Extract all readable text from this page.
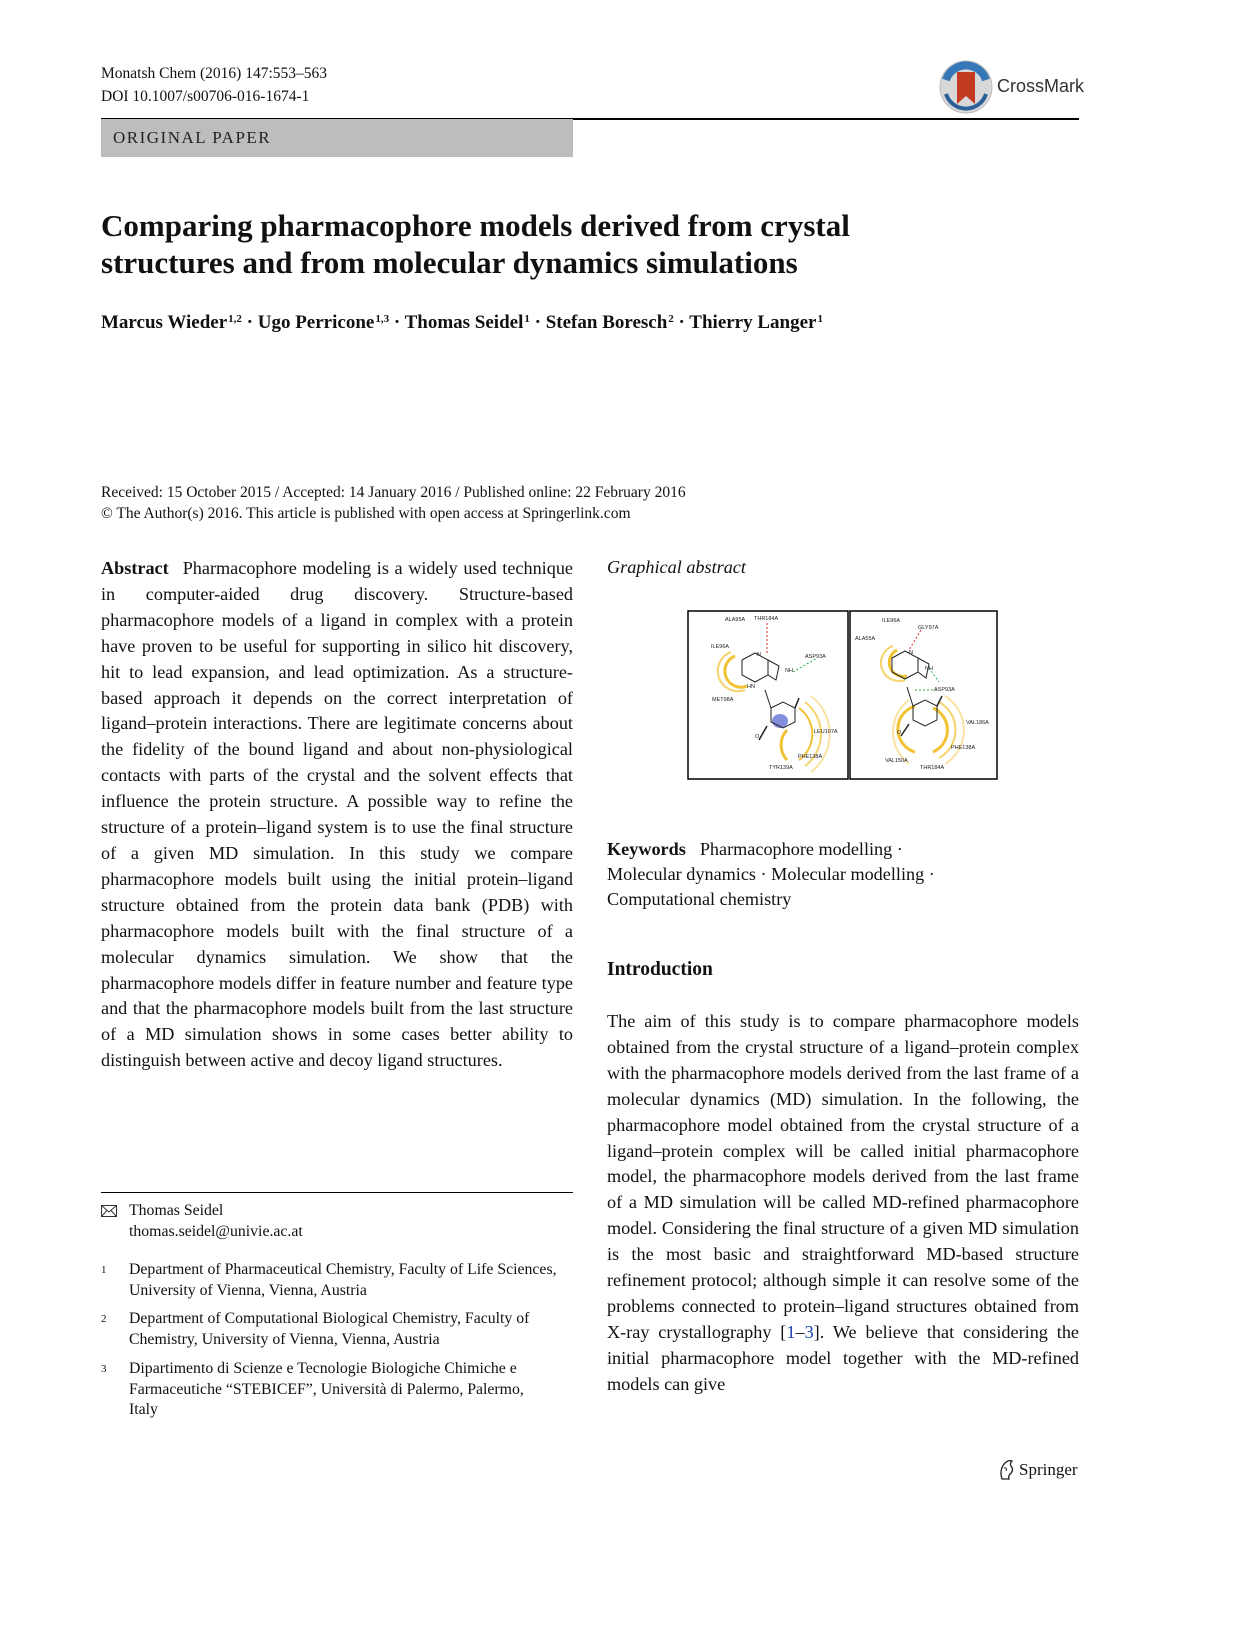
Monatsh Chem (2016) 147:553–563
DOI 10.1007/s00706-016-1674-1
CrossMark
ORIGINAL PAPER
Comparing pharmacophore models derived from crystal
structures and from molecular dynamics simulations
Marcus Wieder$^{1,2}$ · Ugo Perricone$^{1,3}$ · Thomas Seidel$^1$ · Stefan Boresch$^2$ · Thierry Langer$^1$
Received: 15 October 2015 / Accepted: 14 January 2016 / Published online: 22 February 2016
© The Author(s) 2016. This article is published with open access at Springerlink.com
Abstract Pharmacophore modeling is a widely used technique in computer-aided drug discovery. Structure-based pharmacophore models of a ligand in complex with a protein have proven to be useful for supporting in silico hit discovery, hit to lead expansion, and lead optimization. As a structure-based approach it depends on the correct interpretation of ligand–protein interactions. There are legitimate concerns about the fidelity of the bound ligand and about non-physiological contacts with parts of the crystal and the solvent effects that influence the protein structure. A possible way to refine the structure of a protein–ligand system is to use the final structure of a given MD simulation. In this study we compare pharmacophore models built using the initial protein–ligand structure obtained from the protein data bank (PDB) with pharmacophore models built with the final structure of a molecular dynamics simulation. We show that the pharmacophore models differ in feature number and feature type and that the pharmacophore models built from the last structure of a MD simulation shows in some cases better ability to distinguish between active and decoy ligand structures.
Graphical abstract
ALA95A THR184A
ILE96A
ASP93A
NH
MET98A
LEU107A
PHE138A
TYR139A
N
HN
O
ILE96A
GLY97A
ALA55A
NH
ASP93A
VAL186A
PHE138A
VAL150A
THR184A
N
O
Keywords Pharmacophore modelling ·
Molecular dynamics · Molecular modelling ·
Computational chemistry
Introduction
The aim of this study is to compare pharmacophore models obtained from the crystal structure of a ligand–protein complex with the pharmacophore models derived from the last frame of a molecular dynamics (MD) simulation. In the following, the pharmacophore model obtained from the crystal structure of a ligand–protein complex will be called initial pharmacophore model, the pharmacophore models derived from the last frame of a MD simulation will be called MD-refined pharmacophore model. Considering the final structure of a given MD simulation is the most basic and straightforward MD-based structure refinement protocol; although simple it can resolve some of the problems connected to protein–ligand structures obtained from X-ray crystallography [1–3]. We believe that considering the initial pharmacophore model together with the MD-refined models can give
Thomas Seidel
thomas.seidel@univie.ac.at
1 Department of Pharmaceutical Chemistry, Faculty of Life Sciences, University of Vienna, Vienna, Austria
2 Department of Computational Biological Chemistry, Faculty of Chemistry, University of Vienna, Vienna, Austria
3 Dipartimento di Scienze e Tecnologie Biologiche Chimiche e Farmaceutiche “STEBICEF”, Università di Palermo, Palermo, Italy
Springer
